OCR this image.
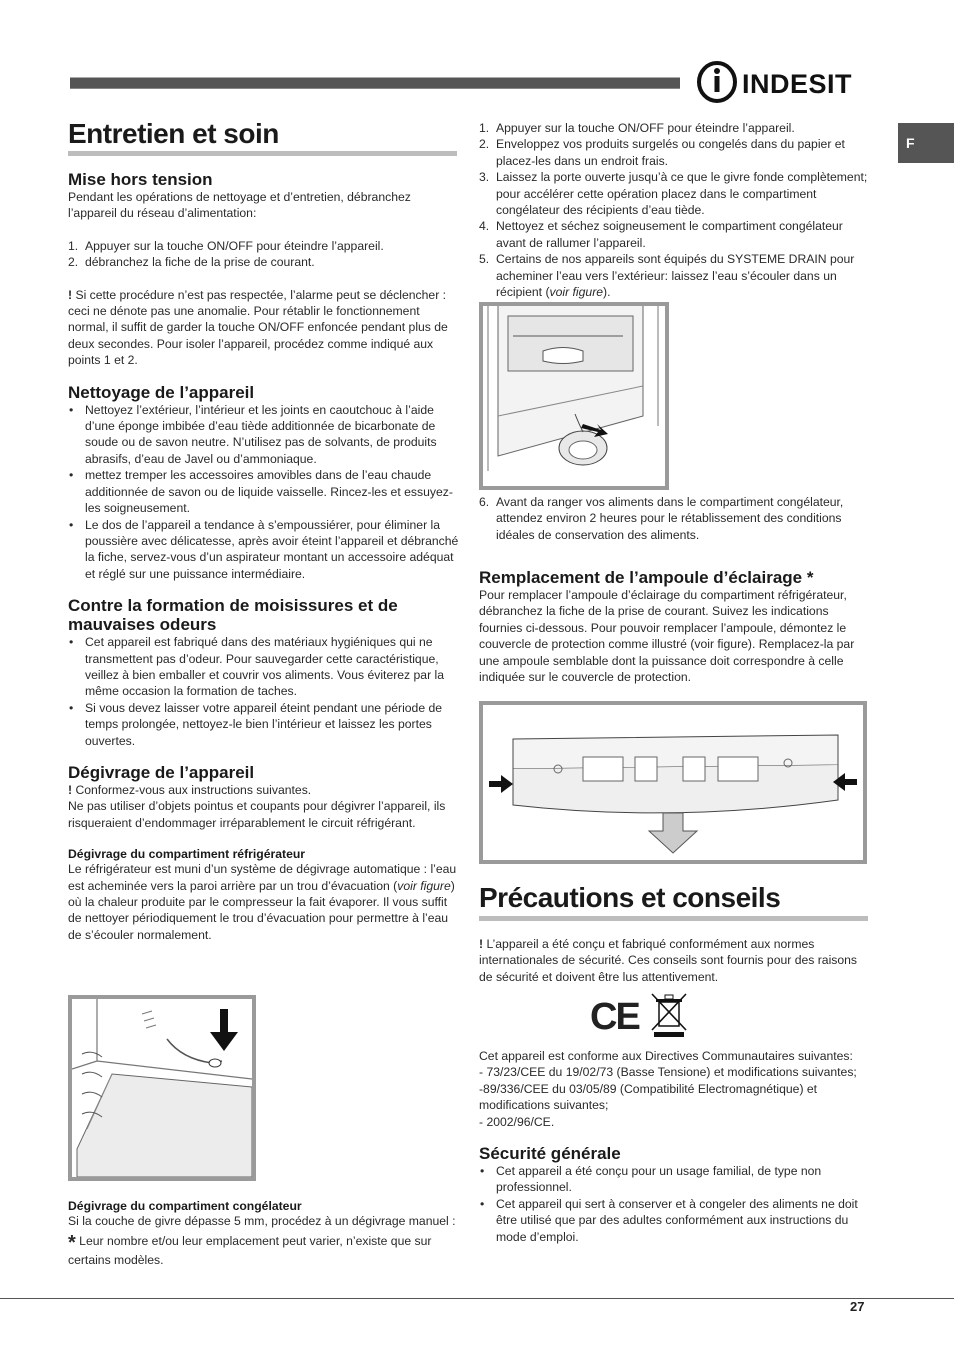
INDESIT
F
Entretien et soin
Mise hors tension
Pendant les opérations de nettoyage et d’entretien, débranchez l’appareil du réseau d’alimentation:
1. Appuyer sur la touche ON/OFF pour éteindre l’appareil.
2. débranchez la fiche de la prise de courant.
! Si cette procédure n’est pas respectée, l’alarme peut se déclencher : ceci ne dénote pas une anomalie. Pour rétablir le fonctionnement normal, il suffit de garder la touche ON/OFF enfoncée pendant plus de deux secondes. Pour isoler l’appareil, procédez comme indiqué aux points 1 et 2.
Nettoyage de l’appareil
• Nettoyez l’extérieur, l’intérieur et les joints en caoutchouc à l’aide d’une éponge imbibée d’eau tiède additionnée de bicarbonate de soude ou de savon neutre. N’utilisez pas de solvants, de produits abrasifs, d’eau de Javel ou d’ammoniaque.
• mettez tremper les accessoires amovibles dans de l’eau chaude additionnée de savon ou de liquide vaisselle. Rincez-les et essuyez-les soigneusement.
• Le dos de l’appareil a tendance à s’empoussiérer, pour éliminer la poussière avec délicatesse, après avoir éteint l’appareil et débranché la fiche, servez-vous d’un aspirateur montant un accessoire adéquat et réglé sur une puissance intermédiaire.
Contre la formation de moisissures et de mauvaises odeurs
• Cet appareil est fabriqué dans des matériaux hygiéniques qui ne transmettent pas d’odeur. Pour sauvegarder cette caractéristique, veillez à bien emballer et couvrir vos aliments. Vous éviterez par la même occasion la formation de taches.
• Si vous devez laisser votre appareil éteint pendant une période de temps prolongée, nettoyez-le bien l’intérieur et laissez les portes ouvertes.
Dégivrage de l’appareil
! Conformez-vous aux instructions suivantes.
Ne pas utiliser d’objets pointus et coupants pour dégivrer l’appareil, ils risqueraient d’endommager irréparablement le circuit réfrigérant.
Dégivrage du compartiment réfrigérateur
Le réfrigérateur est muni d’un système de dégivrage automatique : l’eau est acheminée vers la paroi arrière par un trou d’évacuation (voir figure) où la chaleur produite par le compresseur la fait évaporer. Il vous suffit de nettoyer périodiquement le trou d’évacuation pour permettre à l’eau de s’écouler normalement.
Dégivrage du compartiment congélateur
Si la couche de givre dépasse 5 mm, procédez à un dégivrage manuel :
* Leur nombre et/ou leur emplacement peut varier, n’existe que sur certains modèles.
1. Appuyer sur la touche ON/OFF pour éteindre l’appareil.
2. Enveloppez vos produits surgelés ou congelés dans du papier et placez-les dans un endroit frais.
3. Laissez la porte ouverte jusqu’à ce que le givre fonde complètement; pour accélérer cette opération placez dans le compartiment congélateur des récipients d’eau tiède.
4. Nettoyez et séchez soigneusement le compartiment congélateur avant de rallumer l’appareil.
5. Certains de nos appareils sont équipés du SYSTEME DRAIN pour acheminer l’eau vers l’extérieur: laissez l’eau s’écouler dans un récipient (voir figure).
6. Avant da ranger vos aliments dans le compartiment congélateur, attendez environ 2 heures pour le rétablissement des conditions idéales de conservation des aliments.
Remplacement de l’ampoule d’éclairage *
Pour remplacer l’ampoule d’éclairage du compartiment réfrigérateur, débranchez la fiche de la prise de courant. Suivez les indications fournies ci-dessous. Pour pouvoir remplacer l’ampoule, démontez le couvercle de protection comme illustré (voir figure). Remplacez-la par une ampoule semblable dont la puissance doit correspondre à celle indiquée sur le couvercle de protection.
Précautions et conseils
! L’appareil a été conçu et fabriqué conformément aux normes internationales de sécurité. Ces conseils sont fournis pour des raisons de sécurité et doivent être lus attentivement.
CE
Cet appareil est conforme aux Directives Communautaires suivantes:
- 73/23/CEE du 19/02/73 (Basse Tensione) et modifications suivantes;
-89/336/CEE du 03/05/89 (Compatibilité Electromagnétique) et modifications suivantes;
- 2002/96/CE.
Sécurité générale
• Cet appareil a été conçu pour un usage familial, de type non professionnel.
• Cet appareil qui sert à conserver et à congeler des aliments ne doit être utilisé que par des adultes conformément aux instructions du mode d’emploi.
27
